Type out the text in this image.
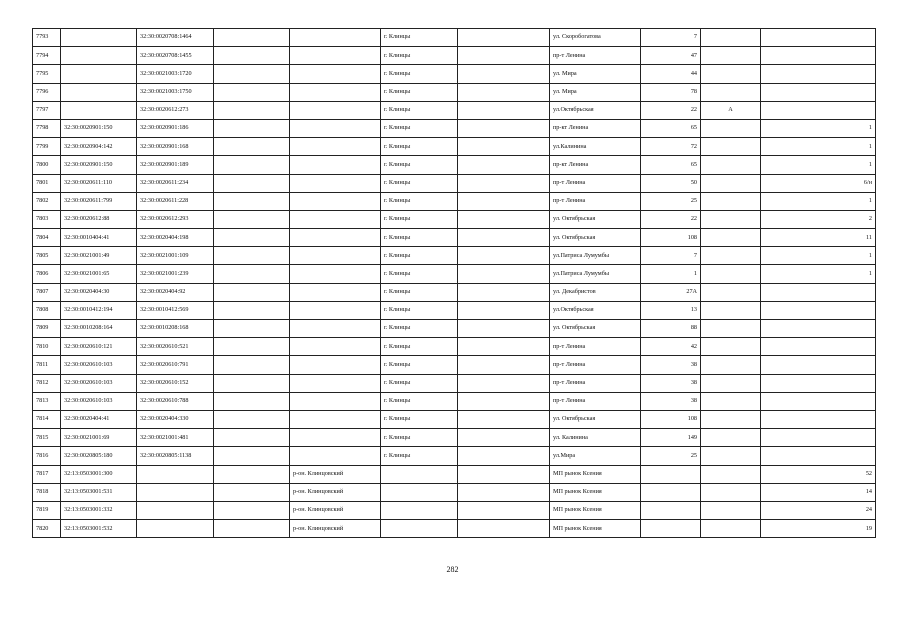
7793		32:30:0020708:1464			г. Клинцы		ул. Скоробогатова	7		
7794		32:30:0020708:1455			г. Клинцы		пр-т Ленина	47		
7795		32:30:0021003:1720			г. Клинцы		ул. Мира	44		
7796		32:30:0021003:1750			г. Клинцы		ул. Мира	78		
7797		32:30:0020612:273			г. Клинцы		ул.Октябрьская	22	А	
7798	32:30:0020901:150	32:30:0020901:186			г. Клинцы		пр-кт Ленина	65		1
7799	32:30:0020904:142	32:30:0020901:168			г. Клинцы		ул.Калинина	72		1
7800	32:30:0020901:150	32:30:0020901:189			г. Клинцы		пр-кт Ленина	65		1
7801	32:30:0020611:110	32:30:0020611:234			г. Клинцы		пр-т Ленина	50		6/н
7802	32:30:0020611:799	32:30:0020611:228			г. Клинцы		пр-т Ленина	25		1
7803	32:30:0020612:88	32:30:0020612:293			г. Клинцы		ул. Октябрьская	22		2
7804	32:30:0010404:41	32:30:0020404:198			г. Клинцы		ул. Октябрьская	108		11
7805	32:30:0021001:49	32:30:0021001:109			г. Клинцы		ул.Патриса Лумумбы	7		1
7806	32:30:0021001:65	32:30:0021001:239			г. Клинцы		ул.Патриса Лумумбы	1		1
7807	32:30:0020404:30	32:30:0020404:92			г. Клинцы		ул. Декабристов	27А		
7808	32:30:0010412:194	32:30:0010412:569			г. Клинцы		ул.Октябрьская	13		
7809	32:30:0010208:164	32:30:0010208:168			г. Клинцы		ул. Октябрьская	88		
7810	32:30:0020610:121	32:30:0020610:521			г. Клинцы		пр-т Ленина	42		
7811	32:30:0020610:103	32:30:0020610:791			г. Клинцы		пр-т Ленина	38		
7812	32:30:0020610:103	32:30:0020610:152			г. Клинцы		пр-т Ленина	38		
7813	32:30:0020610:103	32:30:0020610:788			г. Клинцы		пр-т Ленина	38		
7814	32:30:0020404:41	32:30:0020404:330			г. Клинцы		ул. Октябрьская	108		
7815	32:30:0021001:69	32:30:0021001:481			г. Клинцы		ул. Калинина	149		
7816	32:30:0020805:180	32:30:0020805:1138			г. Клинцы		ул.Мира	25		
7817	32:13:0503001:300			р-он. Клинцовский			МП рынок Ксения			52
7818	32:13:0503001:531			р-он. Клинцовский			МП рынок Ксения			14
7819	32:13:0503001:332			р-он. Клинцовский			МП рынок Ксения			24
7820	32:13:0503001:532			р-он. Клинцовский			МП рынок Ксения			19
282
